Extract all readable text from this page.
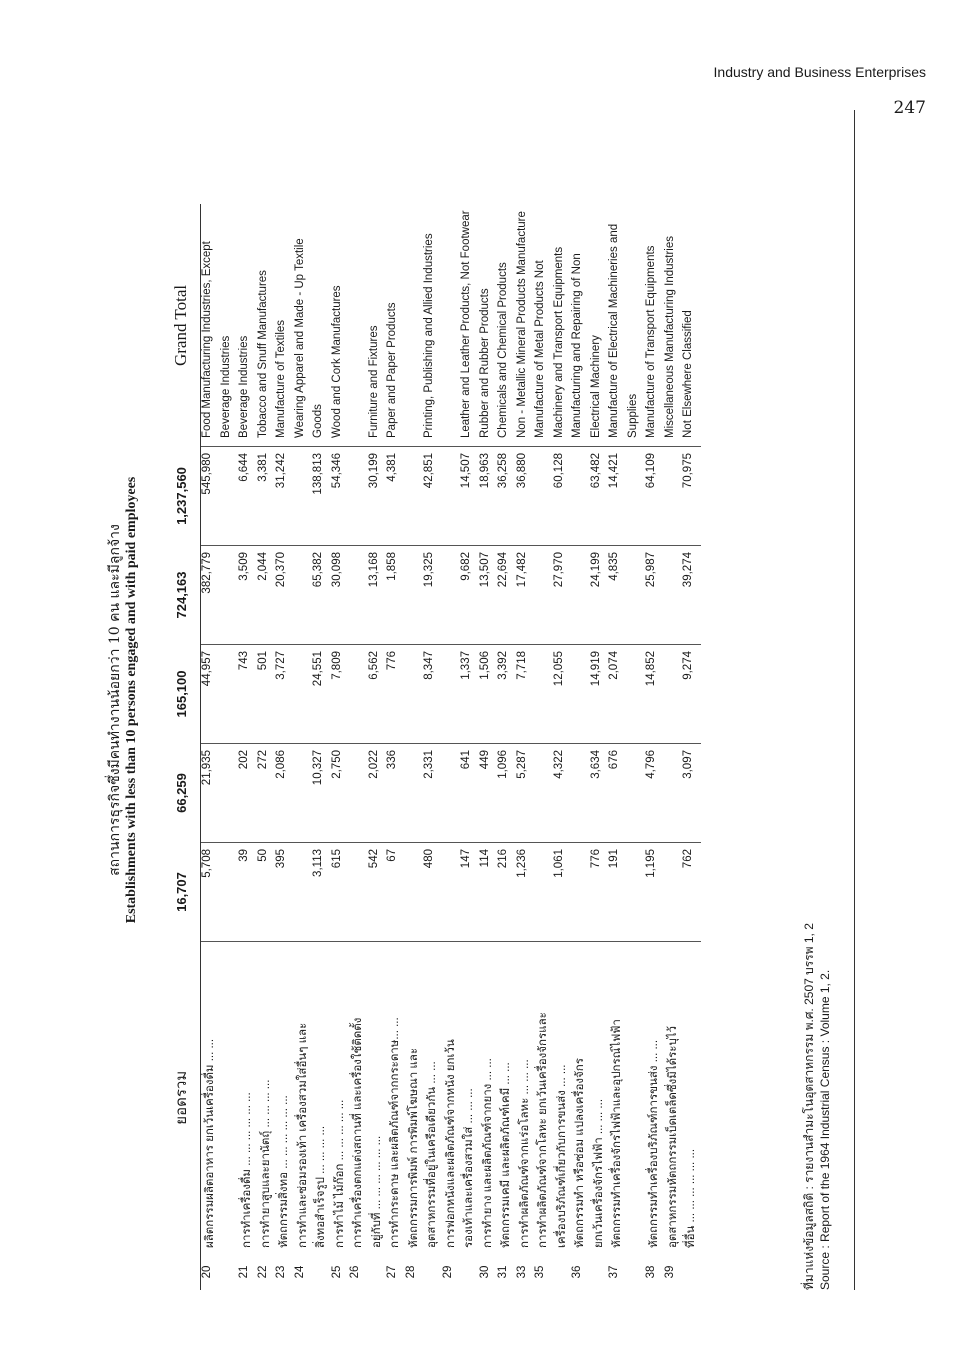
Industry and Business Enterprises
247
สถานการธุรกิจซึ่งมีคนทำงานน้อยกว่า 10 คน และมีลูกจ้าง Establishments with less than 10 persons engaged and with paid employees
	ยอดรวม	16,707	66,259	165,100	724,163	1,237,560	Grand Total
20	ผลิตกรรมผลิตอาหาร ยกเว้นเครื่องดื่ม ... ...	5,708	21,935	44,957	382,779	545,980	Food Manufacturing Industries, Except
							Beverage Industries
21	การทำเครื่องดื่ม ... ... ... ... ... ...	39	202	743	3,509	6,644	Beverage Industries
22	การทำยาสูบและยานัตถุ์ ... ... ... ...	50	272	501	2,044	3,381	Tobacco and Snuff Manufactures
23	หัตถกรรมสิ่งทอ ... ... ... ... ... ...	395	2,086	3,727	20,370	31,242	Manufacture of Textiles
24	การทำและซ่อมรองเท้า เครื่องสวมใส่อื่นๆ และ						Wearing Apparel and Made - Up Textile
	สิ่งทอสำเร็จรูป ... ... ... ...	3,113	10,327	24,551	65,382	138,813	Goods
25	การทำไม้ ไม้ก๊อก ... ... ... ... ...	615	2,750	7,809	30,098	54,346	Wood and Cork Manufactures
26	การทำเครื่องตกแต่งสถานที่ และเครื่องใช้ติดตั้ง						
	อยู่กับที่ ... ... ... ... ... ...	542	2,022	6,562	13,168	30,199	Furniture and Fixtures
27	การทำกระดาษ และผลิตภัณฑ์จากกระดาษ... ...	67	336	776	1,858	4,381	Paper and Paper Products
28	หัตถกรรมการพิมพ์ การพิมพ์โฆษณา และ						
	อุตสาหกรรมที่อยู่ในเครือเดียวกัน ... ...	480	2,331	8,347	19,325	42,851	Printing, Publishing and Allied Industries
29	การฟอกหนังและผลิตภัณฑ์จากหนัง ยกเว้น						
	รองเท้าและเครื่องสวมใส่ ... ... ...	147	641	1,337	9,682	14,507	Leather and Leather Products, Not Footwear
30	การทำยาง และผลิตภัณฑ์จากยาง ... ...	114	449	1,506	13,507	18,963	Rubber and Rubber Products
31	หัตถกรรมเคมี และผลิตภัณฑ์เคมี ... ...	216	1,096	3,392	22,694	36,258	Chemicals and Chemical Products
33	การทำผลิตภัณฑ์จากแร่อโลหะ ... ... ...	1,236	5,287	7,718	17,482	36,880	Non - Metallic Mineral Products Manufacture
35	การทำผลิตภัณฑ์จากโลหะ ยกเว้นเครื่องจักรและ						Manufacture of Metal Products Not
	เครื่องบริภัณฑ์เกี่ยวกับการขนส่ง ... ...	1,061	4,322	12,055	27,970	60,128	Machinery and Transport Equipments
36	หัตถกรรมทำ หรือซ่อม แปลงเครื่องจักร						Manufacturing and Repairing of Non
	ยกเว้นเครื่องจักรไฟฟ้า ... ... ...	776	3,634	14,919	24,199	63,482	Electrical Machinery
37	หัตถกรรมทำเครื่องจักรไฟฟ้าและอุปกรณ์ไฟฟ้า	191	676	2,074	4,835	14,421	Manufacture of Electrical Machineries and
							Supplies
38	หัตถกรรมทำเครื่องบริภัณฑ์การขนส่ง ... ...	1,195	4,796	14,852	25,987	64,109	Manufacture of Transport Equipments
39	อุตสาหกรรมหัตถกรรมเบ็ดเตล็ดซึ่งมิได้ระบุไว้						Miscellaneous Manufacturing Industries
	ที่อื่น ... ... ... ... ... ...	762	3,097	9,274	39,274	70,975	Not Elsewhere Classified
ที่มาแห่งข้อมูลสถิติ : รายงานสำมะโนอุตสาหกรรม พ.ศ. 2507 บรรพ 1, 2 Source : Report of the 1964 Industrial Census : Volume 1, 2.
